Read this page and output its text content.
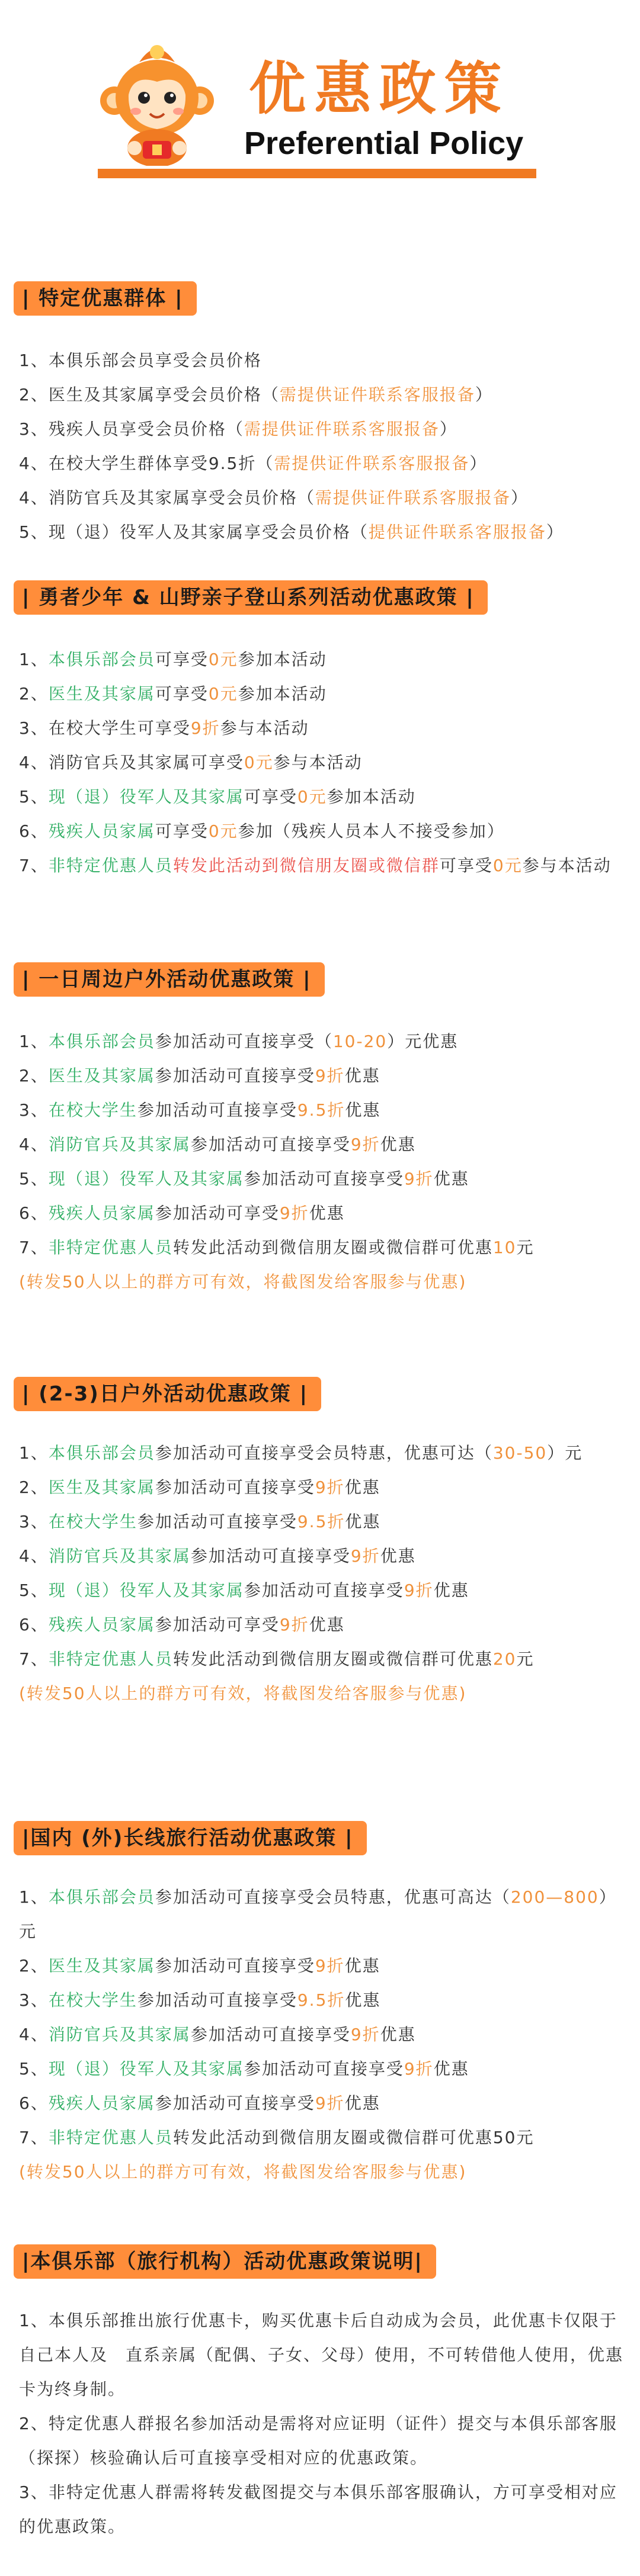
优惠政策
Preferential Policy
| 特定优惠群体 |
1、本俱乐部会员享受会员价格
2、医生及其家属享受会员价格（需提供证件联系客服报备）
3、残疾人员享受会员价格（需提供证件联系客服报备）
4、在校大学生群体享受9.5折（需提供证件联系客服报备）
4、消防官兵及其家属享受会员价格（需提供证件联系客服报备）
5、现（退）役军人及其家属享受会员价格（提供证件联系客服报备）
| 勇者少年 & 山野亲子登山系列活动优惠政策 |
1、本俱乐部会员可享受0元参加本活动
2、医生及其家属可享受0元参加本活动
3、在校大学生可享受9折参与本活动
4、消防官兵及其家属可享受0元参与本活动
5、现（退）役军人及其家属可享受0元参加本活动
6、残疾人员家属可享受0元参加（残疾人员本人不接受参加）
7、非特定优惠人员转发此活动到微信朋友圈或微信群可享受0元参与本活动
| 一日周边户外活动优惠政策 |
1、本俱乐部会员参加活动可直接享受（10-20）元优惠
2、医生及其家属参加活动可直接享受9折优惠
3、在校大学生参加活动可直接享受9.5折优惠
4、消防官兵及其家属参加活动可直接享受9折优惠
5、现（退）役军人及其家属参加活动可直接享受9折优惠
6、残疾人员家属参加活动可享受9折优惠
7、非特定优惠人员转发此活动到微信朋友圈或微信群可优惠10元
(转发50人以上的群方可有效，将截图发给客服参与优惠)
| (2-3)日户外活动优惠政策 |
1、本俱乐部会员参加活动可直接享受会员特惠，优惠可达（30-50）元
2、医生及其家属参加活动可直接享受9折优惠
3、在校大学生参加活动可直接享受9.5折优惠
4、消防官兵及其家属参加活动可直接享受9折优惠
5、现（退）役军人及其家属参加活动可直接享受9折优惠
6、残疾人员家属参加活动可享受9折优惠
7、非特定优惠人员转发此活动到微信朋友圈或微信群可优惠20元
(转发50人以上的群方可有效，将截图发给客服参与优惠)
|国内 (外)长线旅行活动优惠政策 |
1、本俱乐部会员参加活动可直接享受会员特惠，优惠可高达（200—800）元
2、医生及其家属参加活动可直接享受9折优惠
3、在校大学生参加活动可直接享受9.5折优惠
4、消防官兵及其家属参加活动可直接享受9折优惠
5、现（退）役军人及其家属参加活动可直接享受9折优惠
6、残疾人员家属参加活动可直接享受9折优惠
7、非特定优惠人员转发此活动到微信朋友圈或微信群可优惠50元
(转发50人以上的群方可有效，将截图发给客服参与优惠)
|本俱乐部（旅行机构）活动优惠政策说明|
1、本俱乐部推出旅行优惠卡，购买优惠卡后自动成为会员，此优惠卡仅限于自己本人及　直系亲属（配偶、子女、父母）使用，不可转借他人使用，优惠卡为终身制。
2、特定优惠人群报名参加活动是需将对应证明（证件）提交与本俱乐部客服（探探）核验确认后可直接享受相对应的优惠政策。
3、非特定优惠人群需将转发截图提交与本俱乐部客服确认，方可享受相对应的优惠政策。
